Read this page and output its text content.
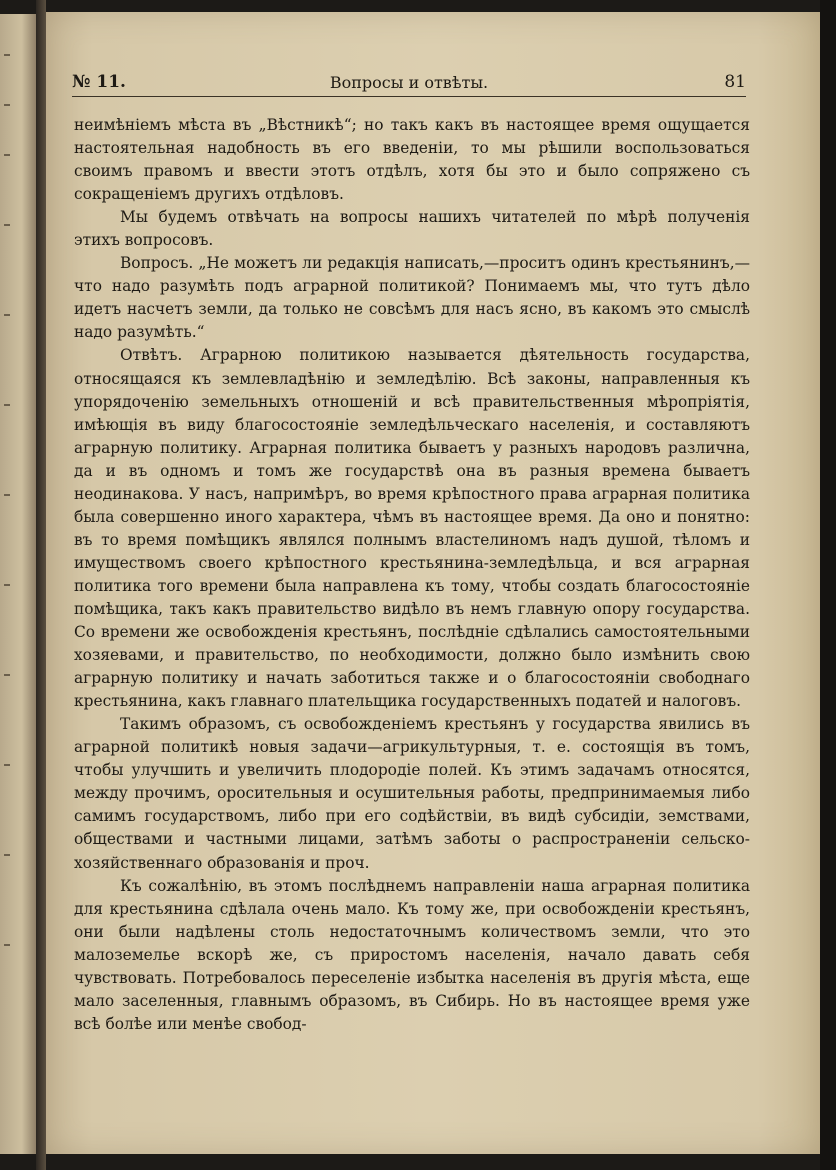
№ 11.	Вопросы и отвѣты.	81

неимѣніемъ мѣста въ „Вѣстникѣ“; но такъ какъ въ настоящее время ощущается настоятельная надобность въ его введеніи, то мы рѣшили воспользоваться своимъ правомъ и ввести этотъ отдѣлъ, хотя бы это и было сопряжено съ сокращеніемъ другихъ отдѣловъ.

Мы будемъ отвѣчать на вопросы нашихъ читателей по мѣрѣ полученія этихъ вопросовъ.

Вопросъ. „Не можетъ ли редакція написать,—проситъ одинъ крестьянинъ,—что надо разумѣть подъ аграрной политикой? Понимаемъ мы, что тутъ дѣло идетъ насчетъ земли, да только не совсѣмъ для насъ ясно, въ какомъ это смыслѣ надо разумѣть.“

Отвѣтъ. Аграрною политикою называется дѣятельность государства, относящаяся къ землевладѣнію и земледѣлію. Всѣ законы, направленныя къ упорядоченію земельныхъ отношеній и всѣ правительственныя мѣропріятія, имѣющія въ виду благосостояніе земледѣльческаго населенія, и составляютъ аграрную политику. Аграрная политика бываетъ у разныхъ народовъ различна, да и въ одномъ и томъ же государствѣ она въ разныя времена бываетъ неодинакова. У насъ, напримѣръ, во время крѣпостного права аграрная политика была совершенно иного характера, чѣмъ въ настоящее время. Да оно и понятно: въ то время помѣщикъ являлся полнымъ властелиномъ надъ душой, тѣломъ и имуществомъ своего крѣпостного крестьянина-земледѣльца, и вся аграрная политика того времени была направлена къ тому, чтобы создать благосостояніе помѣщика, такъ какъ правительство видѣло въ немъ главную опору государства. Со времени же освобожденія крестьянъ, послѣдніе сдѣлались самостоятельными хозяевами, и правительство, по необходимости, должно было измѣнить свою аграрную политику и начать заботиться также и о благосостояніи свободнаго крестьянина, какъ главнаго плательщика государственныхъ податей и налоговъ.

Такимъ образомъ, съ освобожденіемъ крестьянъ у государства явились въ аграрной политикѣ новыя задачи—агрикультурныя, т. е. состоящія въ томъ, чтобы улучшить и увеличить плодородіе полей. Къ этимъ задачамъ относятся, между прочимъ, оросительныя и осушительныя работы, предпринимаемыя либо самимъ государствомъ, либо при его содѣйствіи, въ видѣ субсидіи, земствами, обществами и частными лицами, затѣмъ заботы о распространеніи сельско-хозяйственнаго образованія и проч.

Къ сожалѣнію, въ этомъ послѣднемъ направленіи наша аграрная политика для крестьянина сдѣлала очень мало. Къ тому же, при освобожденіи крестьянъ, они были надѣлены столь недостаточнымъ количествомъ земли, что это малоземелье вскорѣ же, съ приростомъ населенія, начало давать себя чувствовать. Потребовалось переселеніе избытка населенія въ другія мѣста, еще мало заселенныя, главнымъ образомъ, въ Сибирь. Но въ настоящее время уже всѣ болѣе или менѣе свобод-
